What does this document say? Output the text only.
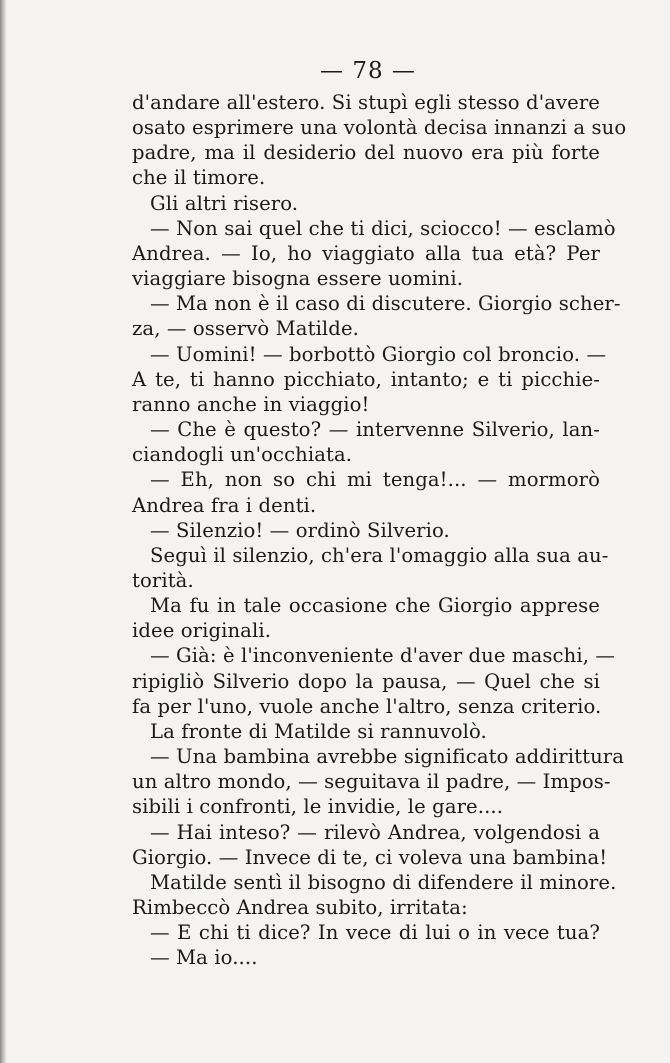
— 78 —
d'andare all'estero. Si stupì egli stesso d'avere
osato esprimere una volontà decisa innanzi a suo
padre, ma il desiderio del nuovo era più forte
che il timore.
Gli altri risero.
— Non sai quel che ti dici, sciocco! — esclamò
Andrea. — Io, ho viaggiato alla tua età? Per
viaggiare bisogna essere uomini.
— Ma non è il caso di discutere. Giorgio scher-
za, — osservò Matilde.
— Uomini! — borbottò Giorgio col broncio. —
A te, ti hanno picchiato, intanto; e ti picchie-
ranno anche in viaggio!
— Che è questo? — intervenne Silverio, lan-
ciandogli un'occhiata.
— Eh, non so chi mi tenga!... — mormorò
Andrea fra i denti.
— Silenzio! — ordinò Silverio.
Seguì il silenzio, ch'era l'omaggio alla sua au-
torità.
Ma fu in tale occasione che Giorgio apprese
idee originali.
— Già: è l'inconveniente d'aver due maschi, —
ripigliò Silverio dopo la pausa, — Quel che si
fa per l'uno, vuole anche l'altro, senza criterio.
La fronte di Matilde si rannuvolò.
— Una bambina avrebbe significato addirittura
un altro mondo, — seguitava il padre, — Impos-
sibili i confronti, le invidie, le gare....
— Hai inteso? — rilevò Andrea, volgendosi a
Giorgio. — Invece di te, ci voleva una bambina!
Matilde sentì il bisogno di difendere il minore.
Rimbeccò Andrea subito, irritata:
— E chi ti dice? In vece di lui o in vece tua?
— Ma io....
